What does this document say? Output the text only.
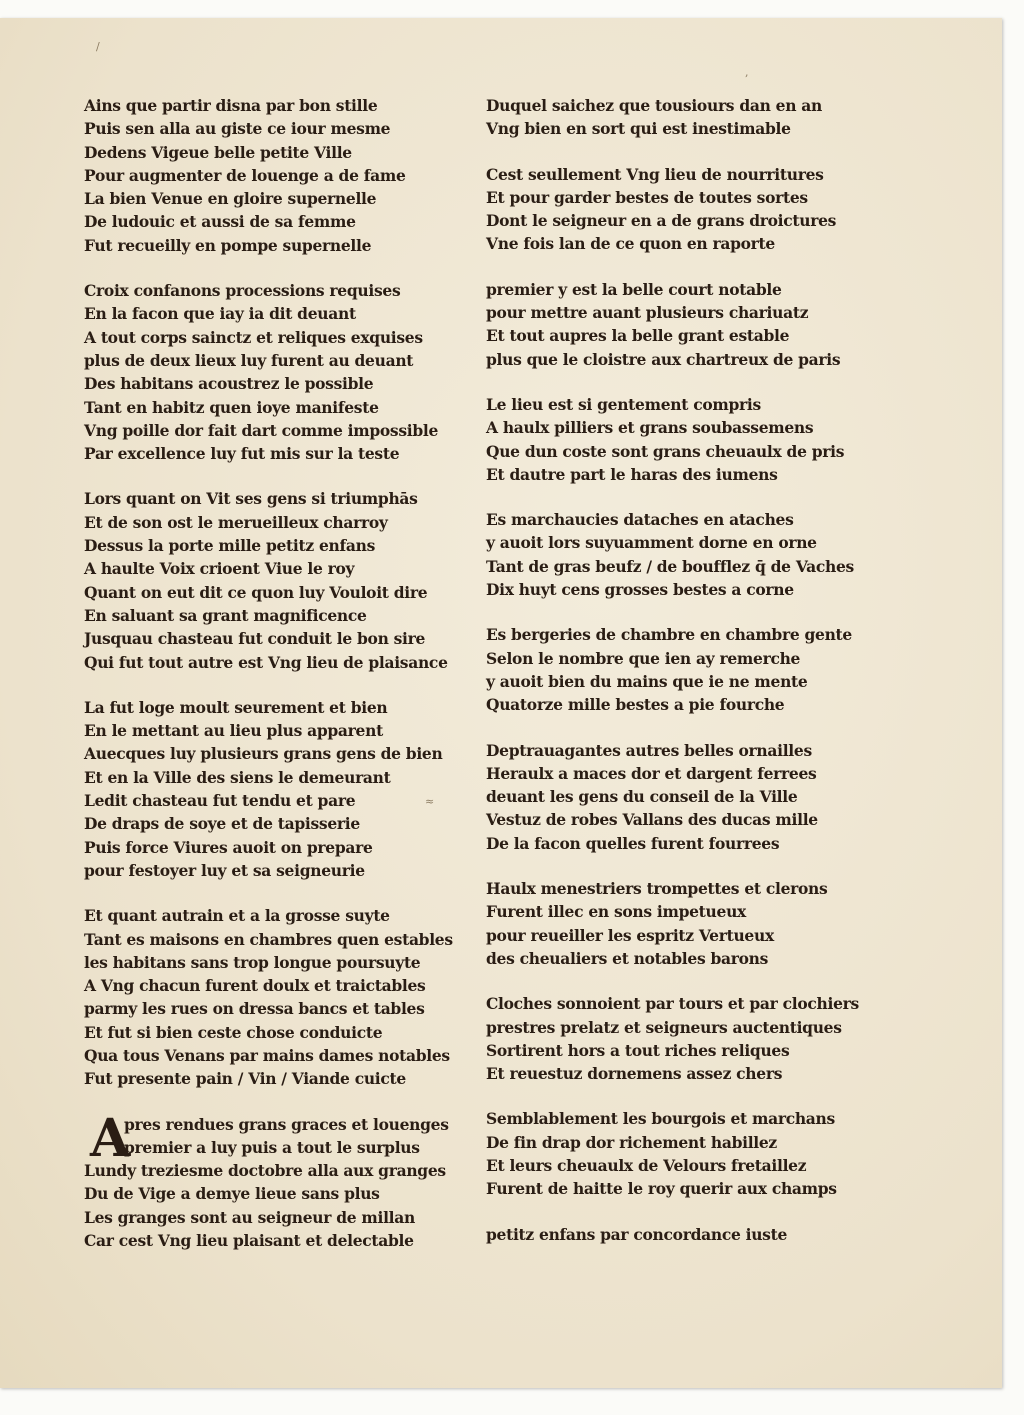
Ains que partir disna par bon stille
Puis sen alla au giste ce iour mesme
Dedens Vigeue belle petite Ville
Pour augmenter de louenge a de fame
La bien Venue en gloire supernelle
De ludouic et aussi de sa femme
Fut recueilly en pompe supernelle
Croix confanons processions requises
En la facon que iay ia dit deuant
A tout corps sainctz et reliques exquises
plus de deux lieux luy furent au deuant
Des habitans acoustrez le possible
Tant en habitz quen ioye manifeste
Vng poille dor fait dart comme impossible
Par excellence luy fut mis sur la teste
Lors quant on Vit ses gens si triumphās
Et de son ost le merueilleux charroy
Dessus la porte mille petitz enfans
A haulte Voix crioent Viue le roy
Quant on eut dit ce quon luy Vouloit dire
En saluant sa grant magnificence
Jusquau chasteau fut conduit le bon sire
Qui fut tout autre est Vng lieu de plaisance
La fut loge moult seurement et bien
En le mettant au lieu plus apparent
Auecques luy plusieurs grans gens de bien
Et en la Ville des siens le demeurant
Ledit chasteau fut tendu et pare
De draps de soye et de tapisserie
Puis force Viures auoit on prepare
pour festoyer luy et sa seigneurie
Et quant autrain et a la grosse suyte
Tant es maisons en chambres quen estables
les habitans sans trop longue poursuyte
A Vng chacun furent doulx et traictables
parmy les rues on dressa bancs et tables
Et fut si bien ceste chose conduicte
Qua tous Venans par mains dames notables
Fut presente pain / Vin / Viande cuicte
A
pres rendues grans graces et louenges
premier a luy puis a tout le surplus
Lundy treziesme doctobre alla aux granges
Du de Vige a demye lieue sans plus
Les granges sont au seigneur de millan
Car cest Vng lieu plaisant et delectable
Duquel saichez que tousiours dan en an
Vng bien en sort qui est inestimable
Cest seullement Vng lieu de nourritures
Et pour garder bestes de toutes sortes
Dont le seigneur en a de grans droictures
Vne fois lan de ce quon en raporte
premier y est la belle court notable
pour mettre auant plusieurs chariuatz
Et tout aupres la belle grant estable
plus que le cloistre aux chartreux de paris
Le lieu est si gentement compris
A haulx pilliers et grans soubassemens
Que dun coste sont grans cheuaulx de pris
Et dautre part le haras des iumens
Es marchaucies dataches en ataches
y auoit lors suyuamment dorne en orne
Tant de gras beufz / de boufflez q̄ de Vaches
Dix huyt cens grosses bestes a corne
Es bergeries de chambre en chambre gente
Selon le nombre que ien ay remerche
y auoit bien du mains que ie ne mente
Quatorze mille bestes a pie fourche
Deptrauagantes autres belles ornailles
Heraulx a maces dor et dargent ferrees
deuant les gens du conseil de la Ville
Vestuz de robes Vallans des ducas mille
De la facon quelles furent fourrees
Haulx menestriers trompettes et clerons
Furent illec en sons impetueux
pour reueiller les espritz Vertueux
des cheualiers et notables barons
Cloches sonnoient par tours et par clochiers
prestres prelatz et seigneurs auctentiques
Sortirent hors a tout riches reliques
Et reuestuz dornemens assez chers
Semblablement les bourgois et marchans
De fin drap dor richement habillez
Et leurs cheuaulx de Velours fretaillez
Furent de haitte le roy querir aux champs
petitz enfans par concordance iuste
/
,
≈
